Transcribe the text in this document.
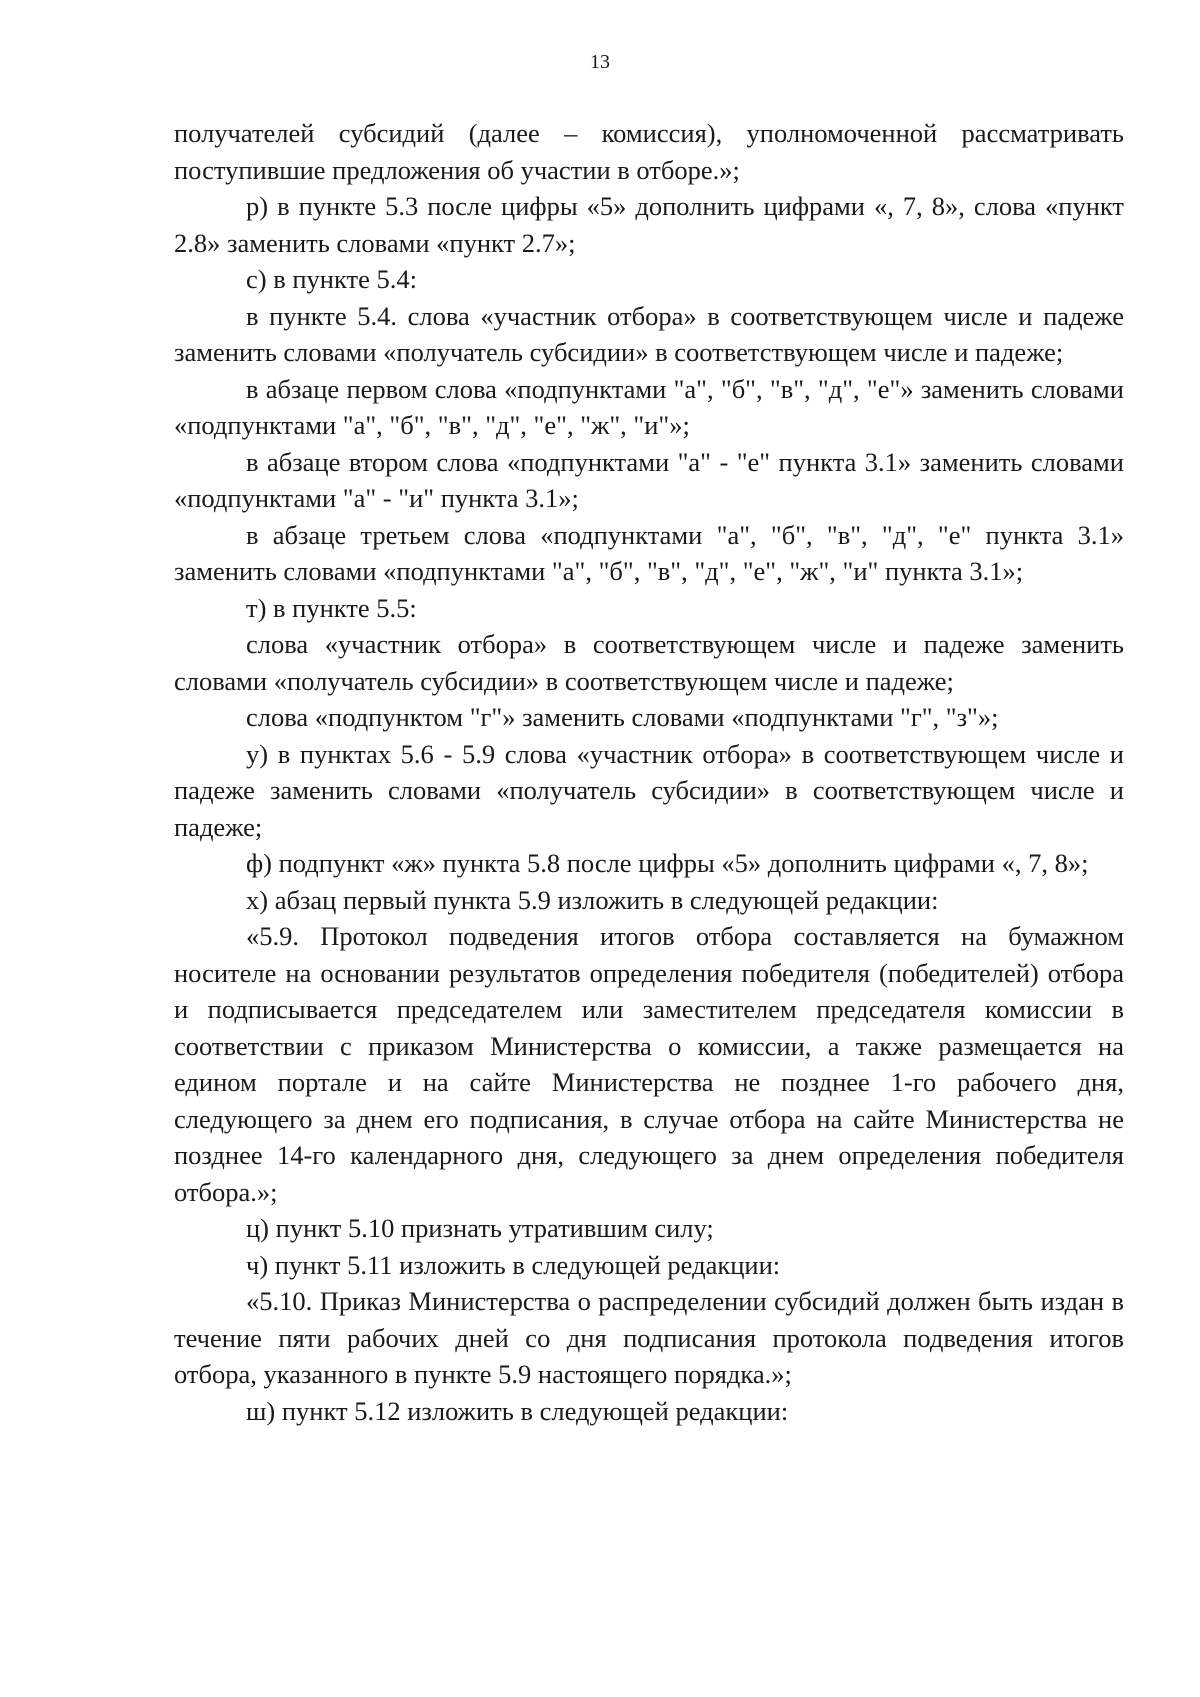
13

получателей субсидий (далее – комиссия), уполномоченной рассматривать поступившие предложения об участии в отборе.»;

р) в пункте 5.3 после цифры «5» дополнить цифрами «, 7, 8», слова «пункт 2.8» заменить словами «пункт 2.7»;

с) в пункте 5.4:

в пункте 5.4. слова «участник отбора» в соответствующем числе и падеже заменить словами «получатель субсидии» в соответствующем числе и падеже;

в абзаце первом слова «подпунктами "а", "б", "в", "д", "е"» заменить словами «подпунктами "а", "б", "в", "д", "е", "ж", "и"»;

в абзаце втором слова «подпунктами "а" - "е" пункта 3.1» заменить словами «подпунктами "а" - "и" пункта 3.1»;

в абзаце третьем слова «подпунктами "а", "б", "в", "д", "е" пункта 3.1» заменить словами «подпунктами "а", "б", "в", "д", "е", "ж", "и" пункта 3.1»;

т) в пункте 5.5:

слова «участник отбора» в соответствующем числе и падеже заменить словами «получатель субсидии» в соответствующем числе и падеже;

слова «подпунктом "г"» заменить словами «подпунктами "г", "з"»;

у) в пунктах 5.6 - 5.9 слова «участник отбора» в соответствующем числе и падеже заменить словами «получатель субсидии» в соответствующем числе и падеже;

ф) подпункт «ж» пункта 5.8 после цифры «5» дополнить цифрами «, 7, 8»;

х) абзац первый пункта 5.9 изложить в следующей редакции:

«5.9. Протокол подведения итогов отбора составляется на бумажном носителе на основании результатов определения победителя (победителей) отбора и подписывается председателем или заместителем председателя комиссии в соответствии с приказом Министерства о комиссии, а также размещается на едином портале и на сайте Министерства не позднее 1-го рабочего дня, следующего за днем его подписания, в случае отбора на сайте Министерства не позднее 14-го календарного дня, следующего за днем определения победителя отбора.»;

ц) пункт 5.10 признать утратившим силу;

ч) пункт 5.11 изложить в следующей редакции:

«5.10. Приказ Министерства о распределении субсидий должен быть издан в течение пяти рабочих дней со дня подписания протокола подведения итогов отбора, указанного в пункте 5.9 настоящего порядка.»;

ш) пункт 5.12 изложить в следующей редакции:
